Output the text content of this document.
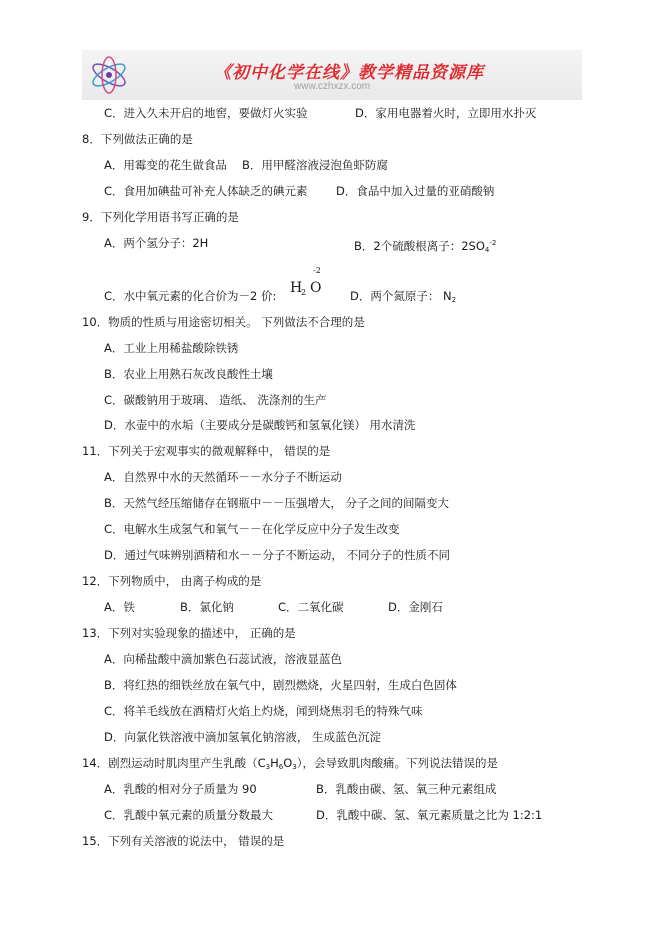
《初中化学在线》教学精品资源库
www.czhxzx.com
C．进入久未开启的地窖，要做灯火实验	D．家用电器着火时，立即用水扑灭
8．下列做法正确的是
A．用霉变的花生做食品 B．用甲醛溶液浸泡鱼虾防腐
C．食用加碘盐可补充人体缺乏的碘元素 D．食品中加入过量的亚硝酸钠
9．下列化学用语书写正确的是
A．两个氢分子：2H	B．2个硫酸根离子：$2SO_4^{-2}$
C．水中氧元素的化合价为－2 价:
-2
H
2 O D．两个氮原子： $N_2$
10．物质的性质与用途密切相关。 下列做法不合理的是
A．工业上用稀盐酸除铁锈
B．农业上用熟石灰改良酸性土壤
C．碳酸钠用于玻璃、 造纸、 洗涤剂的生产
D．水壶中的水垢（主要成分是碳酸钙和氢氧化镁） 用水清洗
11．下列关于宏观事实的微观解释中， 错误的是
A．自然界中水的天然循环－－水分子不断运动
B．天然气经压缩储存在钢瓶中－－压强增大， 分子之间的间隔变大
C．电解水生成氢气和氧气－－在化学反应中分子发生改变
D．通过气味辨别酒精和水－－分子不断运动， 不同分子的性质不同
12．下列物质中， 由离子构成的是
A．铁	B．氯化钠	C．二氧化碳	D．金刚石
13．下列对实验现象的描述中， 正确的是
A．向稀盐酸中滴加紫色石蕊试液，溶液显蓝色
B．将红热的细铁丝放在氧气中，剧烈燃烧，火星四射，生成白色固体
C．将羊毛线放在酒精灯火焰上灼烧，闻到烧焦羽毛的特殊气味
D．向氯化铁溶液中滴加氢氧化钠溶液， 生成蓝色沉淀
14．剧烈运动时肌肉里产生乳酸$(C_3H_6O_3)$，会导致肌肉酸痛。下列说法错误的是
A．乳酸的相对分子质量为 90	B．乳酸由碳、氢、氧三种元素组成
C．乳酸中氧元素的质量分数最大	D．乳酸中碳、氢、氧元素质量之比为 1:2:1
15．下列有关溶液的说法中， 错误的是
